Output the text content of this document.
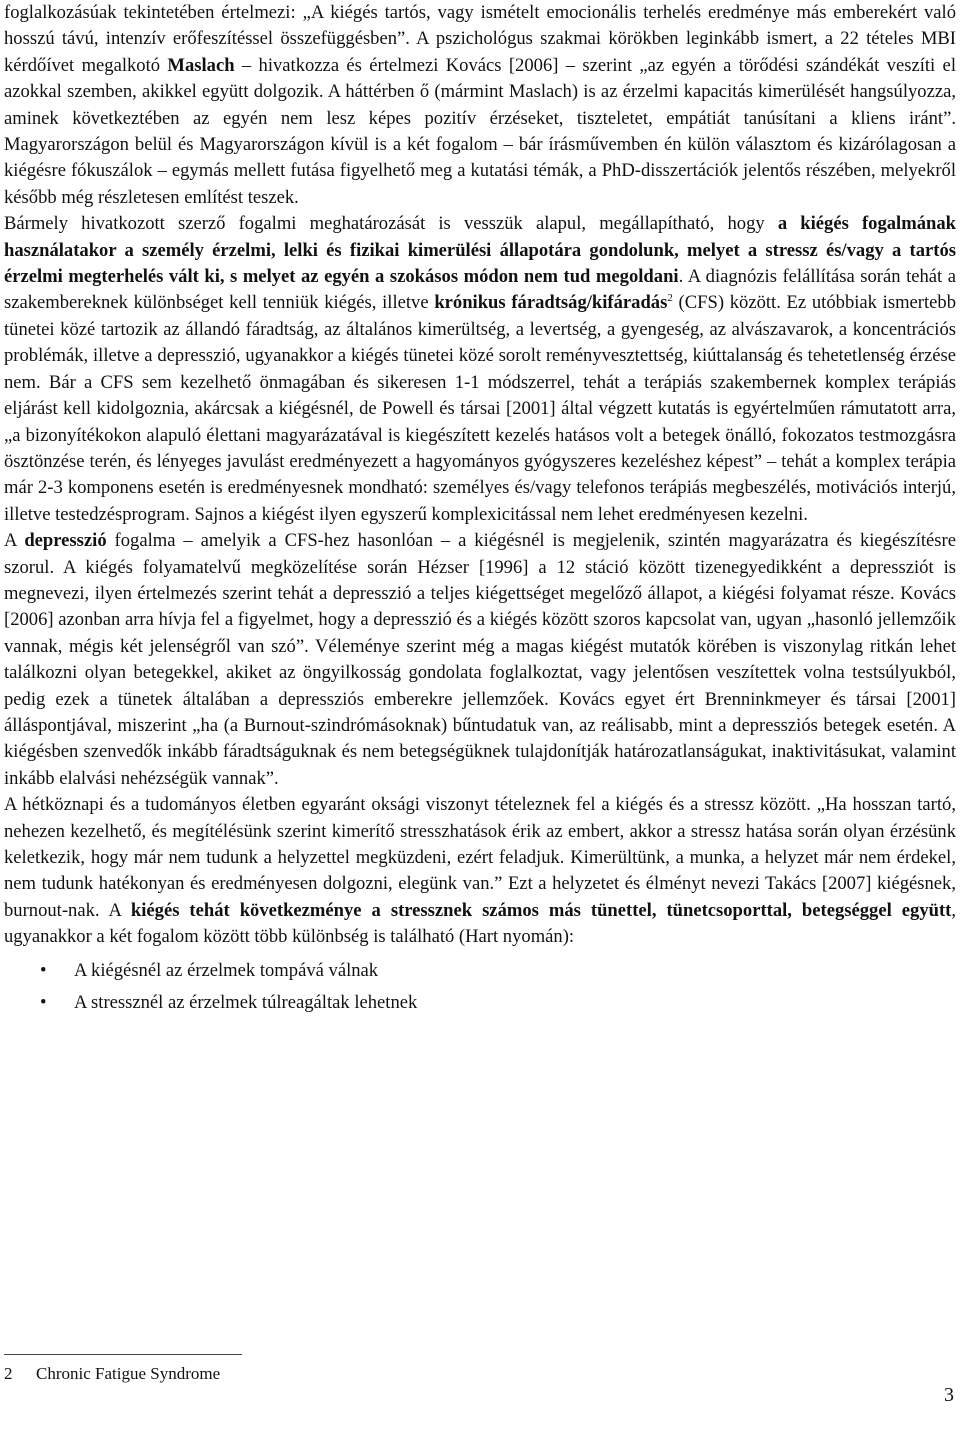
foglalkozásúak tekintetében értelmezi: „A kiégés tartós, vagy ismételt emocionális terhelés eredménye más emberekért való hosszú távú, intenzív erőfeszítéssel összefüggésben”. A pszichológus szakmai körökben leginkább ismert, a 22 tételes MBI kérdőívet megalkotó Maslach – hivatkozza és értelmezi Kovács [2006] – szerint „az egyén a törődési szándékát veszíti el azokkal szemben, akikkel együtt dolgozik. A háttérben ő (mármint Maslach) is az érzelmi kapacitás kimerülését hangsúlyozza, aminek következtében az egyén nem lesz képes pozitív érzéseket, tiszteletet, empátiát tanúsítani a kliens iránt”. Magyarországon belül és Magyarországon kívül is a két fogalom – bár írásművemben én külön választom és kizárólagosan a kiégésre fókuszálok – egymás mellett futása figyelhető meg a kutatási témák, a PhD-disszertációk jelentős részében, melyekről később még részletesen említést teszek.

Bármely hivatkozott szerző fogalmi meghatározását is vesszük alapul, megállapítható, hogy a kiégés fogalmának használatakor a személy érzelmi, lelki és fizikai kimerülési állapotára gondolunk, melyet a stressz és/vagy a tartós érzelmi megterhelés vált ki, s melyet az egyén a szokásos módon nem tud megoldani. A diagnózis felállítása során tehát a szakembereknek különbséget kell tenniük kiégés, illetve krónikus fáradtság/kifáradás$^2$ (CFS) között. Ez utóbbiak ismertebb tünetei közé tartozik az állandó fáradtság, az általános kimerültség, a levertség, a gyengeség, az alvászavarok, a koncentrációs problémák, illetve a depresszió, ugyanakkor a kiégés tünetei közé sorolt reményvesztettség, kiúttalanság és tehetetlenség érzése nem. Bár a CFS sem kezelhető önmagában és sikeresen 1-1 módszerrel, tehát a terápiás szakembernek komplex terápiás eljárást kell kidolgoznia, akárcsak a kiégésnél, de Powell és társai [2001] által végzett kutatás is egyértelműen rámutatott arra, „a bizonyítékokon alapuló élettani magyarázatával is kiegészített kezelés hatásos volt a betegek önálló, fokozatos testmozgásra ösztönzése terén, és lényeges javulást eredményezett a hagyományos gyógyszeres kezeléshez képest” – tehát a komplex terápia már 2-3 komponens esetén is eredményesnek mondható: személyes és/vagy telefonos terápiás megbeszélés, motivációs interjú, illetve testedzésprogram. Sajnos a kiégést ilyen egyszerű komplexicitással nem lehet eredményesen kezelni.

A depresszió fogalma – amelyik a CFS-hez hasonlóan – a kiégésnél is megjelenik, szintén magyarázatra és kiegészítésre szorul. A kiégés folyamatelvű megközelítése során Hézser [1996] a 12 stáció között tizenegyedikként a depressziót is megnevezi, ilyen értelmezés szerint tehát a depresszió a teljes kiégettséget megelőző állapot, a kiégési folyamat része. Kovács [2006] azonban arra hívja fel a figyelmet, hogy a depresszió és a kiégés között szoros kapcsolat van, ugyan „hasonló jellemzőik vannak, mégis két jelenségről van szó”. Véleménye szerint még a magas kiégést mutatók körében is viszonylag ritkán lehet találkozni olyan betegekkel, akiket az öngyilkosság gondolata foglalkoztat, vagy jelentősen veszítettek volna testsúlyukból, pedig ezek a tünetek általában a depressziós emberekre jellemzőek. Kovács egyet ért Brenninkmeyer és társai [2001] álláspontjával, miszerint „ha (a Burnout-szindrómásoknak) bűntudatuk van, az reálisabb, mint a depressziós betegek esetén. A kiégésben szenvedők inkább fáradtságuknak és nem betegségüknek tulajdonítják határozatlanságukat, inaktivitásukat, valamint inkább elalvási nehézségük vannak”.

A hétköznapi és a tudományos életben egyaránt oksági viszonyt tételeznek fel a kiégés és a stressz között. „Ha hosszan tartó, nehezen kezelhető, és megítélésünk szerint kimerítő stresszhatások érik az embert, akkor a stressz hatása során olyan érzésünk keletkezik, hogy már nem tudunk a helyzettel megküzdeni, ezért feladjuk. Kimerültünk, a munka, a helyzet már nem érdekel, nem tudunk hatékonyan és eredményesen dolgozni, elegünk van.” Ezt a helyzetet és élményt nevezi Takács [2007] kiégésnek, burnout-nak. A kiégés tehát következménye a stressznek számos más tünettel, tünetcsoporttal, betegséggel együtt, ugyanakkor a két fogalom között több különbség is található (Hart nyomán):

• A kiégésnél az érzelmek tompává válnak
• A stressznél az érzelmek túlreagáltak lehetnek
2 Chronic Fatigue Syndrome
3
